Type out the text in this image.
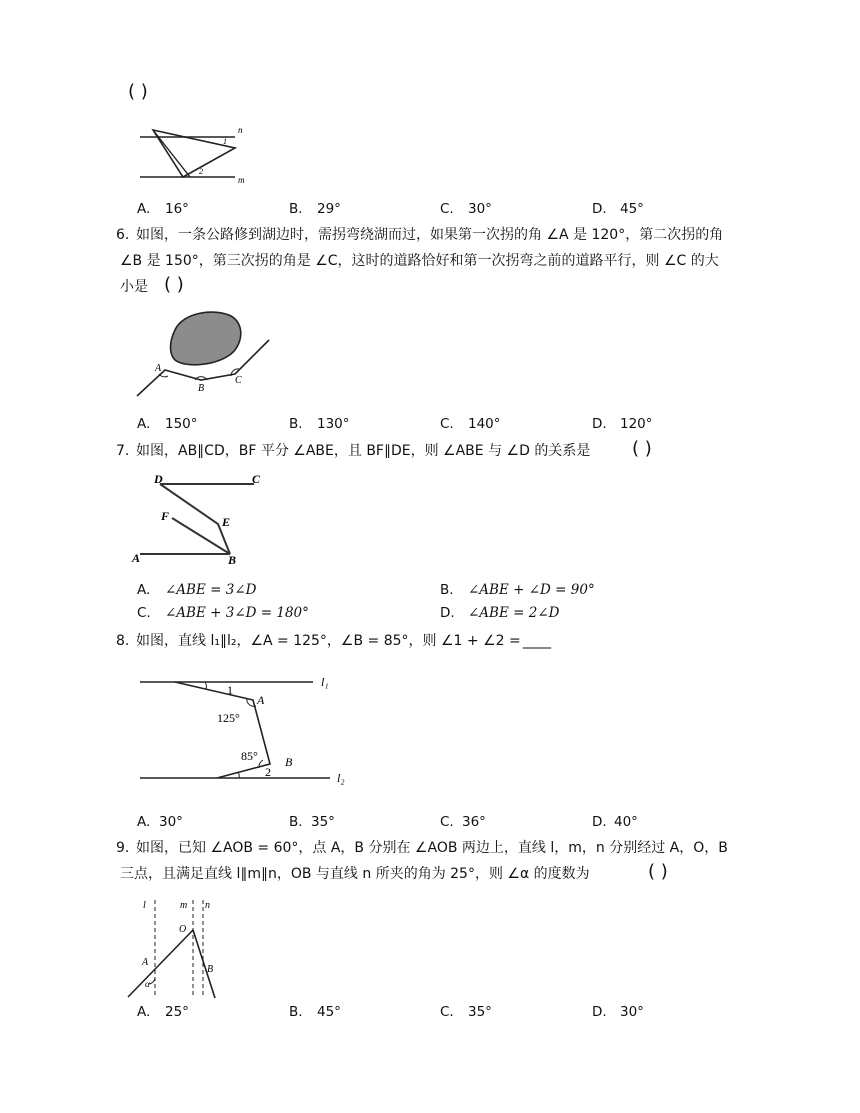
( )
n
m
1
2
A. 16°	B. 29°	C. 30°	D. 45°
6. 如图，一条公路修到湖边时，需拐弯绕湖而过，如果第一次拐的角 ∠A 是 120°，第二次拐的角
∠B 是 150°，第三次拐的角是 ∠C，这时的道路恰好和第一次拐弯之前的道路平行，则 ∠C 的大
小是 ( )
A
B
C
A. 150°	B. 130°	C. 140°	D. 120°
7. 如图，AB∥CD，BF 平分 ∠ABE，且 BF∥DE，则 ∠ABE 与 ∠D 的关系是 ( )
D	C
F	E
A	B
A. ∠ABE = 3∠D	B. ∠ABE + ∠D = 90°
C. ∠ABE + 3∠D = 180°	D. ∠ABE = 2∠D
8. 如图，直线 l₁∥l₂，∠A = 125°，∠B = 85°，则 ∠1 + ∠2 = ____
l₁
l₂
A
B
125°
85°
1
2
A. 30°	B. 35°	C. 36°	D. 40°
9. 如图，已知 ∠AOB = 60°，点 A，B 分别在 ∠AOB 两边上，直线 l，m，n 分别经过 A，O，B
三点，且满足直线 l∥m∥n，OB 与直线 n 所夹的角为 25°，则 ∠α 的度数为	( )
l	m n
O
A
B
α
A. 25°	B. 45°	C. 35°	D. 30°
